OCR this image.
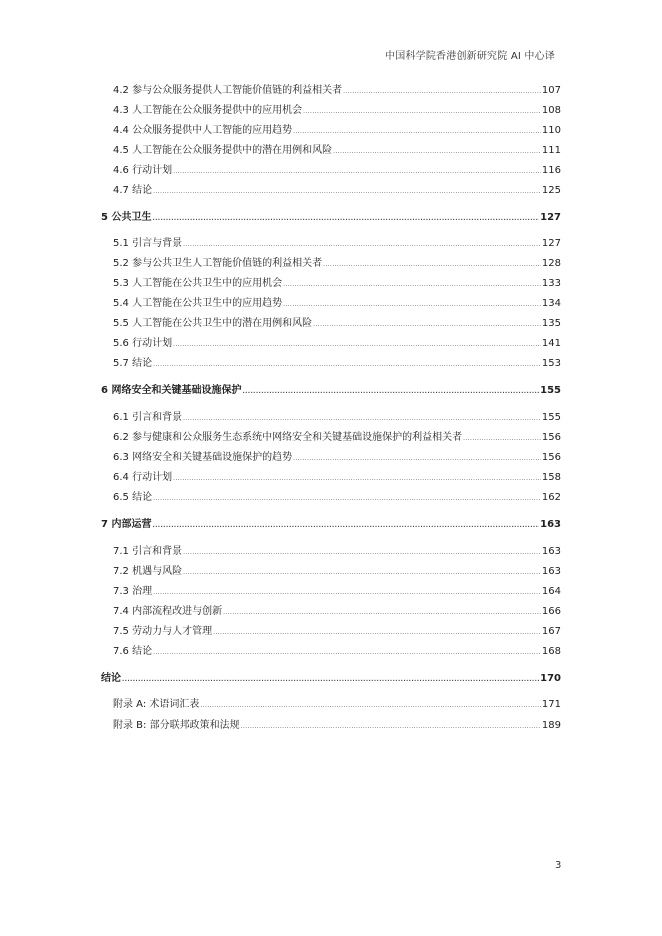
中国科学院香港创新研究院 AI 中心译
4.2 参与公众服务提供人工智能价值链的利益相关者 .....	107
4.3 人工智能在公众服务提供中的应用机会 .....	108
4.4 公众服务提供中人工智能的应用趋势 .....	110
4.5 人工智能在公众服务提供中的潜在用例和风险 .....	111
4.6 行动计划 .....	116
4.7 结论 .....	125
5 公共卫生 .....	127
5.1 引言与背景 .....	127
5.2 参与公共卫生人工智能价值链的利益相关者 .....	128
5.3 人工智能在公共卫生中的应用机会 .....	133
5.4 人工智能在公共卫生中的应用趋势 .....	134
5.5 人工智能在公共卫生中的潜在用例和风险 .....	135
5.6 行动计划 .....	141
5.7 结论 .....	153
6 网络安全和关键基础设施保护 .....	155
6.1 引言和背景 .....	155
6.2 参与健康和公众服务生态系统中网络安全和关键基础设施保护的利益相关者 .....	156
6.3 网络安全和关键基础设施保护的趋势 .....	156
6.4 行动计划 .....	158
6.5 结论 .....	162
7 内部运营 .....	163
7.1 引言和背景 .....	163
7.2 机遇与风险 .....	163
7.3 治理 .....	164
7.4 内部流程改进与创新 .....	166
7.5 劳动力与人才管理 .....	167
7.6 结论 .....	168
结论 .....	170
附录 A: 术语词汇表 .....	171
附录 B: 部分联邦政策和法规 .....	189
3
